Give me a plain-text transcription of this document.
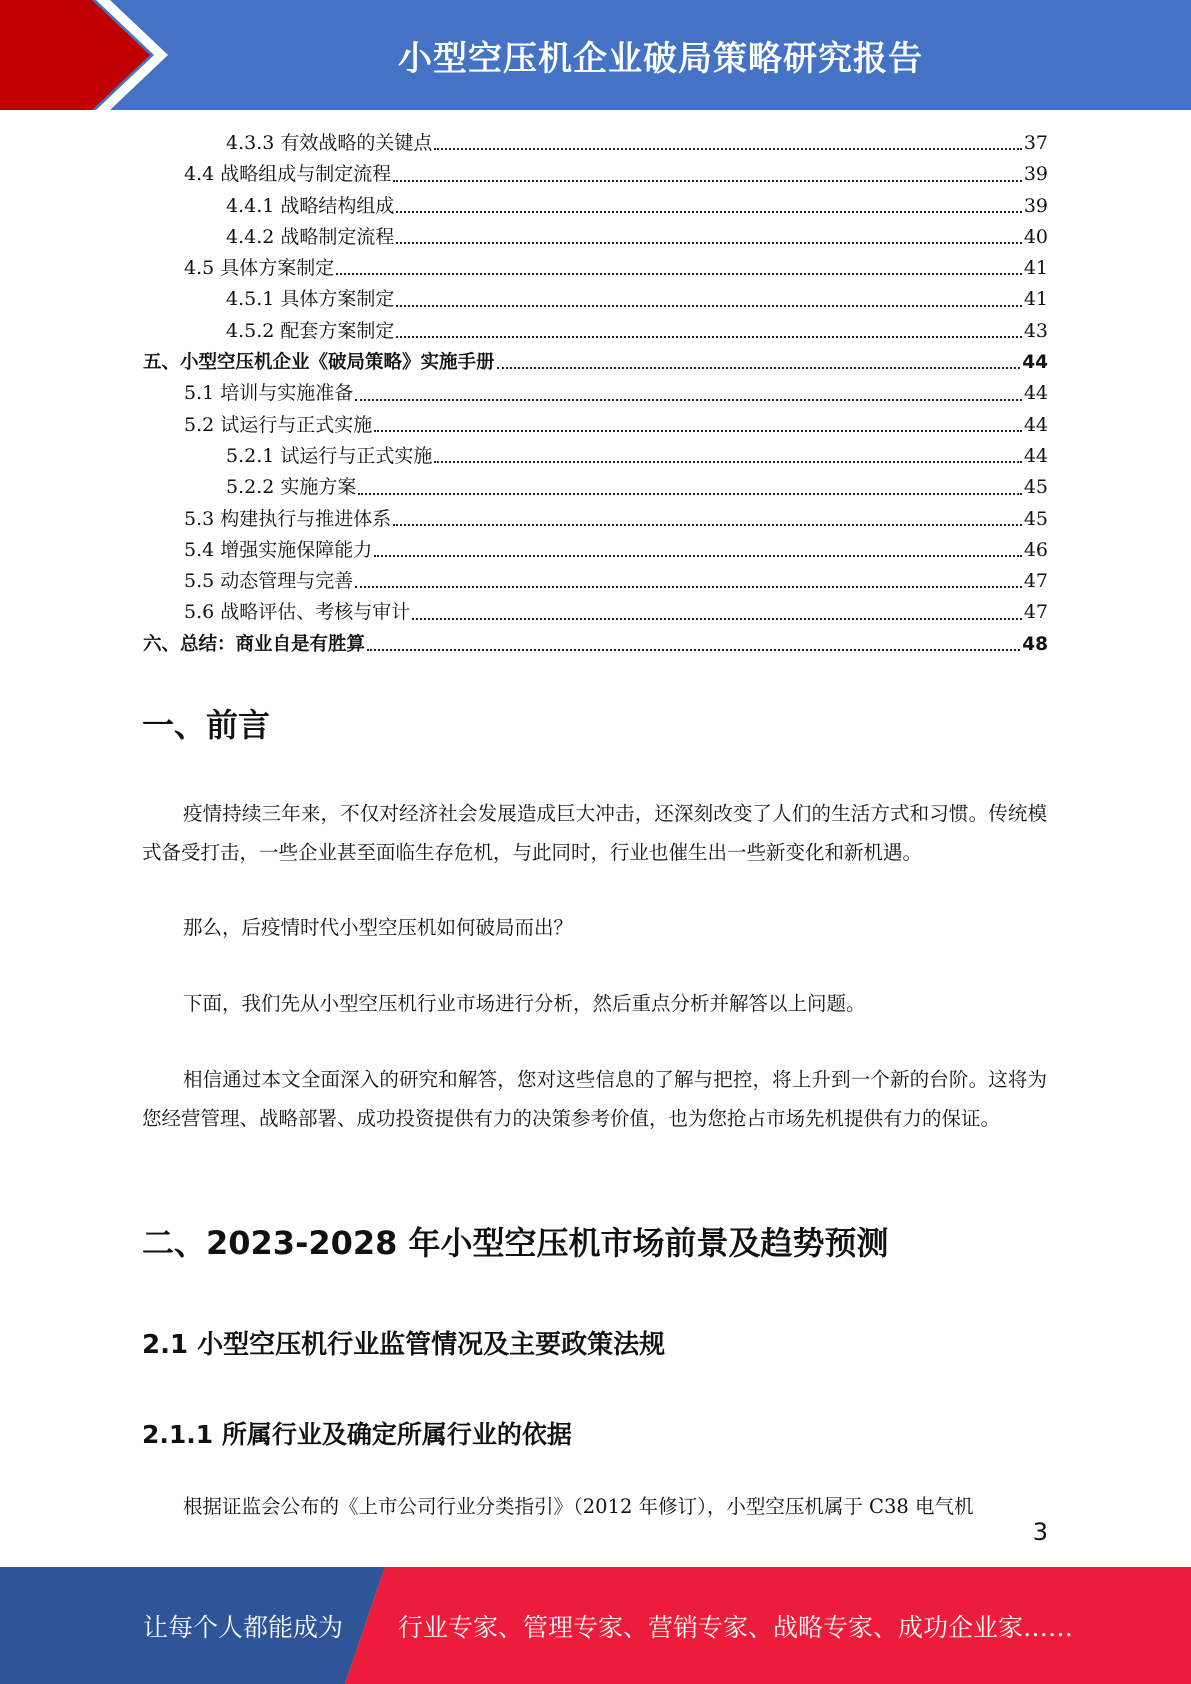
小型空压机企业破局策略研究报告
4.3.3 有效战略的关键点	37
4.4 战略组成与制定流程	39
4.4.1 战略结构组成	39
4.4.2 战略制定流程	40
4.5 具体方案制定	41
4.5.1 具体方案制定	41
4.5.2 配套方案制定	43
五、小型空压机企业《破局策略》实施手册	44
5.1 培训与实施准备	44
5.2 试运行与正式实施	44
5.2.1 试运行与正式实施	44
5.2.2 实施方案	45
5.3 构建执行与推进体系	45
5.4 增强实施保障能力	46
5.5 动态管理与完善	47
5.6 战略评估、考核与审计	47
六、总结：商业自是有胜算	48
一、前言

疫情持续三年来，不仅对经济社会发展造成巨大冲击，还深刻改变了人们的生活方式和习惯。传统模式备受打击，一些企业甚至面临生存危机，与此同时，行业也催生出一些新变化和新机遇。

那么，后疫情时代小型空压机如何破局而出？

下面，我们先从小型空压机行业市场进行分析，然后重点分析并解答以上问题。

相信通过本文全面深入的研究和解答，您对这些信息的了解与把控，将上升到一个新的台阶。这将为您经营管理、战略部署、成功投资提供有力的决策参考价值，也为您抢占市场先机提供有力的保证。

二、2023-2028 年小型空压机市场前景及趋势预测
2.1 小型空压机行业监管情况及主要政策法规
2.1.1 所属行业及确定所属行业的依据

根据证监会公布的《上市公司行业分类指引》（2012 年修订），小型空压机属于 C38 电气机

3
让每个人都能成为 行业专家、管理专家、营销专家、战略专家、成功企业家……
